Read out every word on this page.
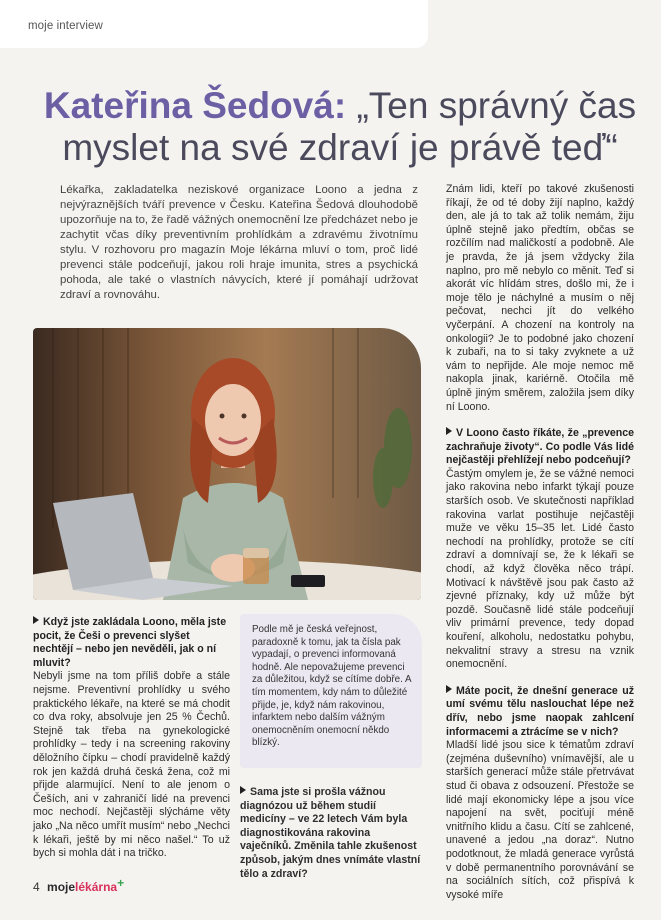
moje interview
Kateřina Šedová: „Ten správný čas myslet na své zdraví je právě teď“

Lékařka, zakladatelka neziskové organizace Loono a jedna z nejvýraznějších tváří prevence v Česku. Kateřina Šedová dlouhodobě upozorňuje na to, že řadě vážných onemocnění lze předcházet nebo je zachytit včas díky preventivním prohlídkám a zdravému životnímu stylu. V rozhovoru pro magazín Moje lékárna mluví o tom, proč lidé prevenci stále podceňují, jakou roli hraje imunita, stres a psychická pohoda, ale také o vlastních návycích, které jí pomáhají udržovat zdraví a rovnováhu.

Když jste zakládala Loono, měla jste pocit, že Češi o prevenci slyšet nechtějí – nebo jen nevěděli, jak o ní mluvit?

Nebyli jsme na tom příliš dobře a stále nejsme. Preventivní prohlídky u svého praktického lékaře, na které se má chodit co dva roky, absolvuje jen 25 % Čechů. Stejně tak třeba na gynekologické prohlídky – tedy i na screening rakoviny děložního čípku – chodí pravidelně každý rok jen každá druhá česká žena, což mi přijde alarmující. Není to ale jenom o Češích, ani v zahraničí lidé na prevenci moc nechodí. Nejčastěji slýcháme věty jako „Na něco umřít musím“ nebo „Nechci k lékaři, ještě by mi něco našel.“ To už bych si mohla dát i na tričko.

Podle mě je česká veřejnost, paradoxně k tomu, jak ta čísla pak vypadají, o prevenci informovaná hodně. Ale nepovažujeme prevenci za důležitou, když se cítíme dobře. A tím momentem, kdy nám to důležité přijde, je, když nám rakovinou, infarktem nebo dalším vážným onemocněním onemocní někdo blízký.

Sama jste si prošla vážnou diagnózou už během studií medicíny – ve 22 letech Vám byla diagnostikována rakovina vaječníků. Změnila tahle zkušenost způsob, jakým dnes vnímáte vlastní tělo a zdraví?

Znám lidi, kteří po takové zkušenosti říkají, že od té doby žijí naplno, každý den, ale já to tak až tolik nemám, žiju úplně stejně jako předtím, občas se rozčílím nad maličkostí a podobně. Ale je pravda, že já jsem vždycky žila naplno, pro mě nebylo co měnit. Teď si akorát víc hlídám stres, došlo mi, že i moje tělo je náchylné a musím o něj pečovat, nechci jít do velkého vyčerpání. A chození na kontroly na onkologii? Je to podobné jako chození k zubaři, na to si taky zvyknete a už vám to nepřijde. Ale moje nemoc mě nakopla jinak, kariérně. Otočila mě úplně jiným směrem, založila jsem díky ní Loono.

V Loono často říkáte, že „prevence zachraňuje životy“. Co podle Vás lidé nejčastěji přehlížejí nebo podceňují?

Častým omylem je, že se vážné nemoci jako rakovina nebo infarkt týkají pouze starších osob. Ve skutečnosti například rakovina varlat postihuje nejčastěji muže ve věku 15–35 let. Lidé často nechodí na prohlídky, protože se cítí zdraví a domnívají se, že k lékaři se chodí, až když člověka něco trápí. Motivací k návštěvě jsou pak často až zjevné příznaky, kdy už může být pozdě. Současně lidé stále podceňují vliv primární prevence, tedy dopad kouření, alkoholu, nedostatku pohybu, nekvalitní stravy a stresu na vznik onemocnění.

Máte pocit, že dnešní generace už umí svému tělu naslouchat lépe než dřív, nebo jsme naopak zahlcení informacemi a ztrácíme se v nich?

Mladší lidé jsou sice k tématům zdraví (zejména duševního) vnímavější, ale u starších generací může stále přetrvávat stud či obava z odsouzení. Přestože se lidé mají ekonomicky lépe a jsou více napojení na svět, pociťují méně vnitřního klidu a času. Cítí se zahlcené, unavené a jedou „na doraz“. Nutno podotknout, že mladá generace vyrůstá v době permanentního porovnávání se na sociálních sítích, což přispívá k vysoké míře

4 mojelékárna+
